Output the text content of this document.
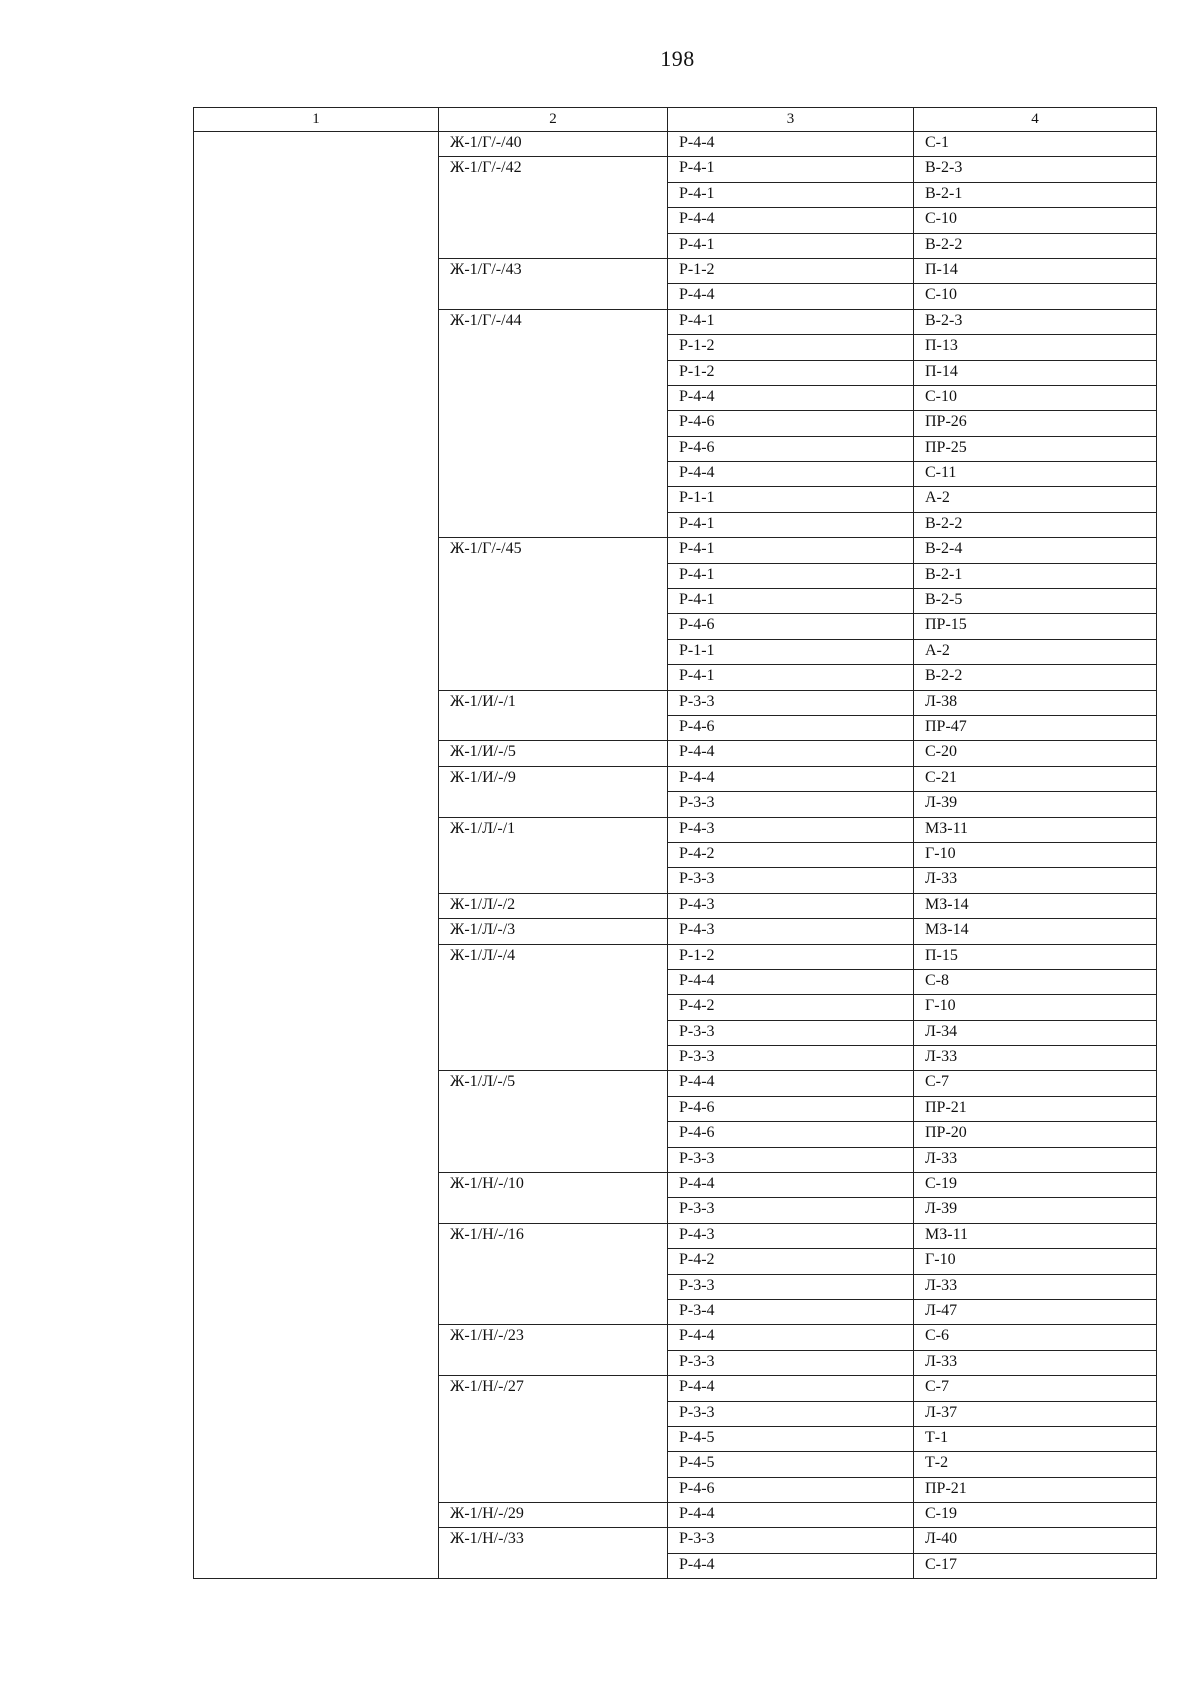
198
1	2	3	4
	Ж-1/Г/-/40	Р-4-4	С-1
	Ж-1/Г/-/42	Р-4-1	В-2-3
		Р-4-1	В-2-1
		Р-4-4	С-10
		Р-4-1	В-2-2
	Ж-1/Г/-/43	Р-1-2	П-14
		Р-4-4	С-10
	Ж-1/Г/-/44	Р-4-1	В-2-3
		Р-1-2	П-13
		Р-1-2	П-14
		Р-4-4	С-10
		Р-4-6	ПР-26
		Р-4-6	ПР-25
		Р-4-4	С-11
		Р-1-1	А-2
		Р-4-1	В-2-2
	Ж-1/Г/-/45	Р-4-1	В-2-4
		Р-4-1	В-2-1
		Р-4-1	В-2-5
		Р-4-6	ПР-15
		Р-1-1	А-2
		Р-4-1	В-2-2
	Ж-1/И/-/1	Р-3-3	Л-38
		Р-4-6	ПР-47
	Ж-1/И/-/5	Р-4-4	С-20
	Ж-1/И/-/9	Р-4-4	С-21
		Р-3-3	Л-39
	Ж-1/Л/-/1	Р-4-3	МЗ-11
		Р-4-2	Г-10
		Р-3-3	Л-33
	Ж-1/Л/-/2	Р-4-3	МЗ-14
	Ж-1/Л/-/3	Р-4-3	МЗ-14
	Ж-1/Л/-/4	Р-1-2	П-15
		Р-4-4	С-8
		Р-4-2	Г-10
		Р-3-3	Л-34
		Р-3-3	Л-33
	Ж-1/Л/-/5	Р-4-4	С-7
		Р-4-6	ПР-21
		Р-4-6	ПР-20
		Р-3-3	Л-33
	Ж-1/Н/-/10	Р-4-4	С-19
		Р-3-3	Л-39
	Ж-1/Н/-/16	Р-4-3	МЗ-11
		Р-4-2	Г-10
		Р-3-3	Л-33
		Р-3-4	Л-47
	Ж-1/Н/-/23	Р-4-4	С-6
		Р-3-3	Л-33
	Ж-1/Н/-/27	Р-4-4	С-7
		Р-3-3	Л-37
		Р-4-5	Т-1
		Р-4-5	Т-2
		Р-4-6	ПР-21
	Ж-1/Н/-/29	Р-4-4	С-19
	Ж-1/Н/-/33	Р-3-3	Л-40
		Р-4-4	С-17
